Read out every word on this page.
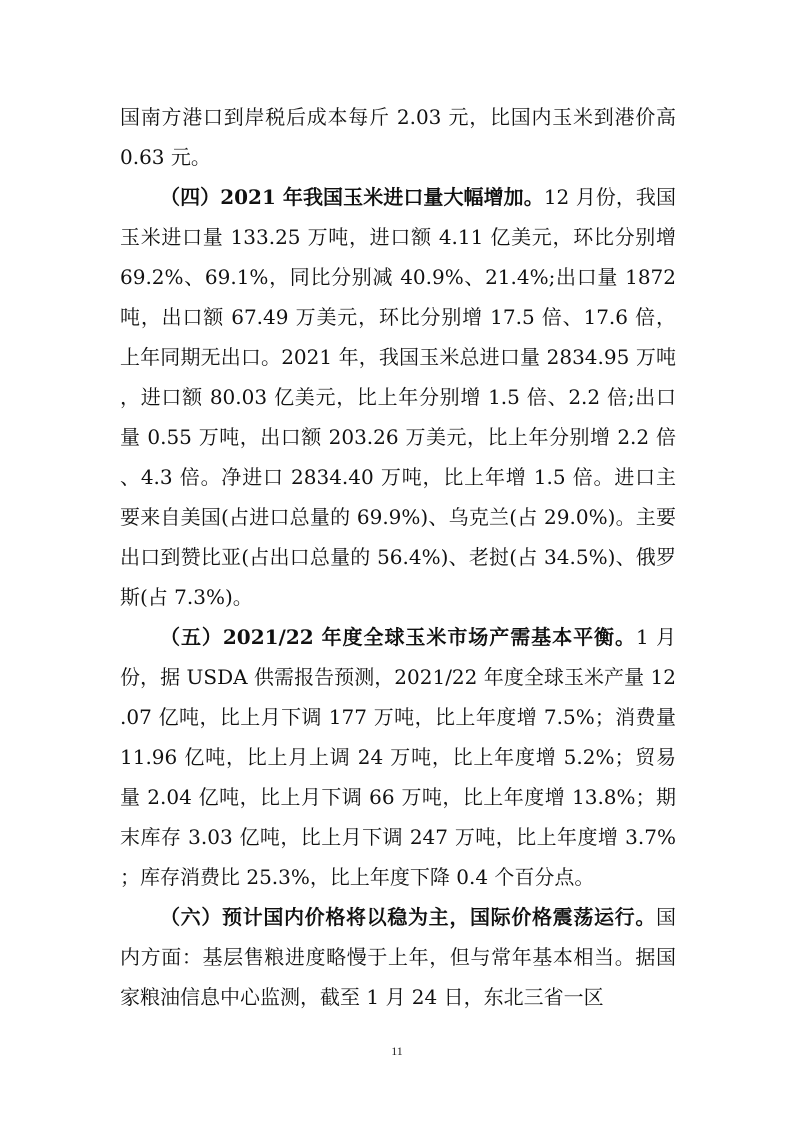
国南方港口到岸税后成本每斤 2.03 元，比国内玉米到港价高 0.63 元。

（四）2021 年我国玉米进口量大幅增加。12 月份，我国玉米进口量 133.25 万吨，进口额 4.11 亿美元，环比分别增 69.2%、69.1%，同比分别减 40.9%、21.4%;出口量 1872 吨，出口额 67.49 万美元，环比分别增 17.5 倍、17.6 倍，上年同期无出口。2021 年，我国玉米总进口量 2834.95 万吨，进口额 80.03 亿美元，比上年分别增 1.5 倍、2.2 倍;出口量 0.55 万吨，出口额 203.26 万美元，比上年分别增 2.2 倍、4.3 倍。净进口 2834.40 万吨，比上年增 1.5 倍。进口主要来自美国(占进口总量的 69.9%)、乌克兰(占 29.0%)。主要出口到赞比亚(占出口总量的 56.4%)、老挝(占 34.5%)、俄罗斯(占 7.3%)。

（五）2021/22 年度全球玉米市场产需基本平衡。1 月份，据 USDA 供需报告预测，2021/22 年度全球玉米产量 12.07 亿吨，比上月下调 177 万吨，比上年度增 7.5%；消费量 11.96 亿吨，比上月上调 24 万吨，比上年度增 5.2%；贸易量 2.04 亿吨，比上月下调 66 万吨，比上年度增 13.8%；期末库存 3.03 亿吨，比上月下调 247 万吨，比上年度增 3.7%；库存消费比 25.3%，比上年度下降 0.4 个百分点。

（六）预计国内价格将以稳为主，国际价格震荡运行。国内方面：基层售粮进度略慢于上年，但与常年基本相当。据国家粮油信息中心监测，截至 1 月 24 日，东北三省一区

11
